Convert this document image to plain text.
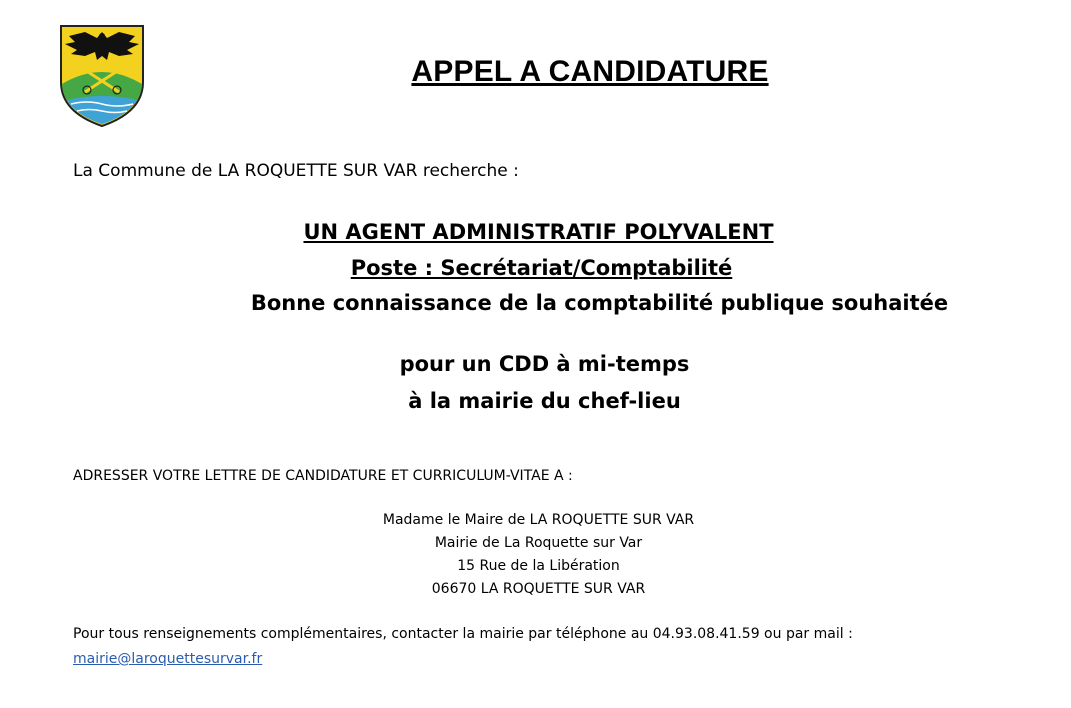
APPEL A CANDIDATURE

La Commune de LA ROQUETTE SUR VAR recherche :

UN AGENT ADMINISTRATIF POLYVALENT

Poste : Secrétariat/Comptabilité

Bonne connaissance de la comptabilité publique souhaitée

pour un CDD à mi-temps

à la mairie du chef-lieu

ADRESSER VOTRE LETTRE DE CANDIDATURE ET CURRICULUM-VITAE A :

Madame le Maire de LA ROQUETTE SUR VAR

Mairie de La Roquette sur Var

15 Rue de la Libération

06670 LA ROQUETTE SUR VAR

Pour tous renseignements complémentaires, contacter la mairie par téléphone au 04.93.08.41.59 ou par mail :

mairie@laroquettesurvar.fr
